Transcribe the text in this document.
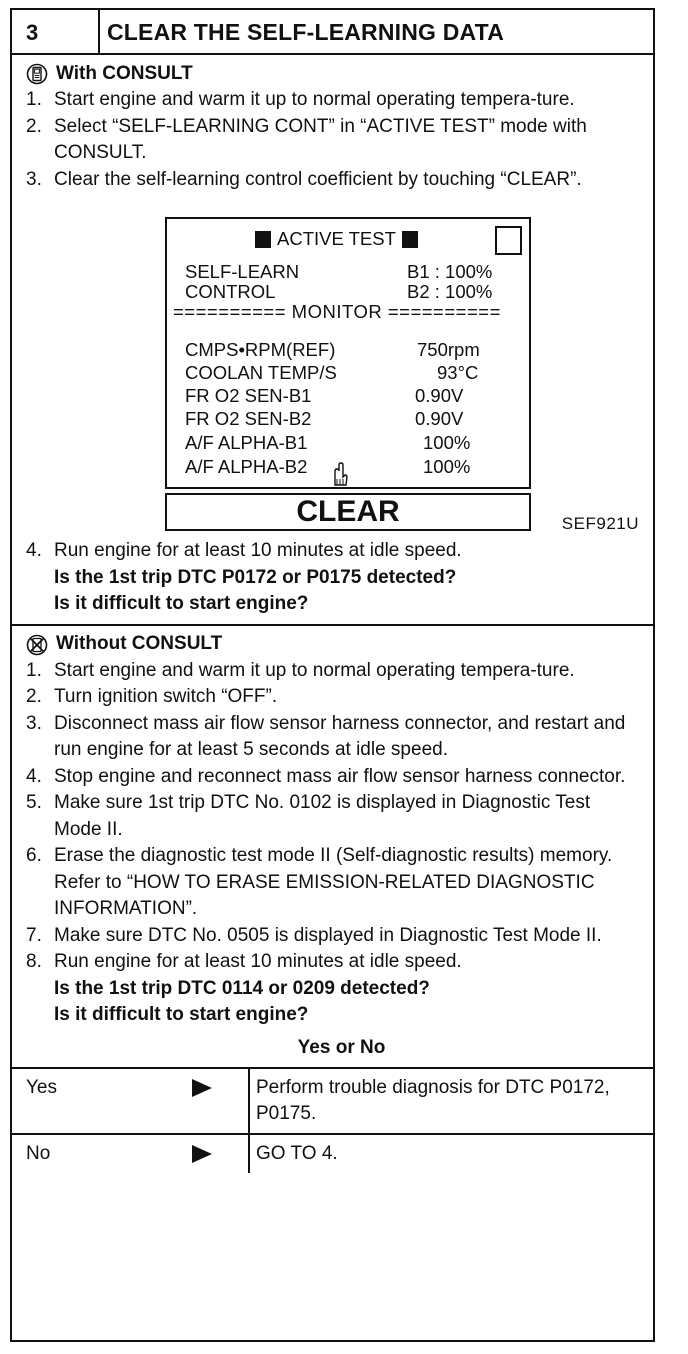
3	CLEAR THE SELF-LEARNING DATA
With CONSULT
1. Start engine and warm it up to normal operating tempera-ture.
2. Select “SELF-LEARNING CONT” in “ACTIVE TEST” mode with CONSULT.
3. Clear the self-learning control coefficient by touching “CLEAR”.
ACTIVE TEST
SELF-LEARN	B1 : 100%
CONTROL	B2 : 100%
========== MONITOR ==========
CMPS•RPM(REF)	750rpm
COOLAN TEMP/S	93°C
FR O2 SEN-B1	0.90V
FR O2 SEN-B2	0.90V
A/F ALPHA-B1	100%
A/F ALPHA-B2	100%
CLEAR	SEF921U
4. Run engine for at least 10 minutes at idle speed.
Is the 1st trip DTC P0172 or P0175 detected?
Is it difficult to start engine?
Without CONSULT
1. Start engine and warm it up to normal operating tempera-ture.
2. Turn ignition switch “OFF”.
3. Disconnect mass air flow sensor harness connector, and restart and run engine for at least 5 seconds at idle speed.
4. Stop engine and reconnect mass air flow sensor harness connector.
5. Make sure 1st trip DTC No. 0102 is displayed in Diagnostic Test Mode II.
6. Erase the diagnostic test mode II (Self-diagnostic results) memory. Refer to “HOW TO ERASE EMISSION-RELATED DIAGNOSTIC INFORMATION”.
7. Make sure DTC No. 0505 is displayed in Diagnostic Test Mode II.
8. Run engine for at least 10 minutes at idle speed.
Is the 1st trip DTC 0114 or 0209 detected?
Is it difficult to start engine?
Yes or No
Yes	Perform trouble diagnosis for DTC P0172, P0175.
No	GO TO 4.
